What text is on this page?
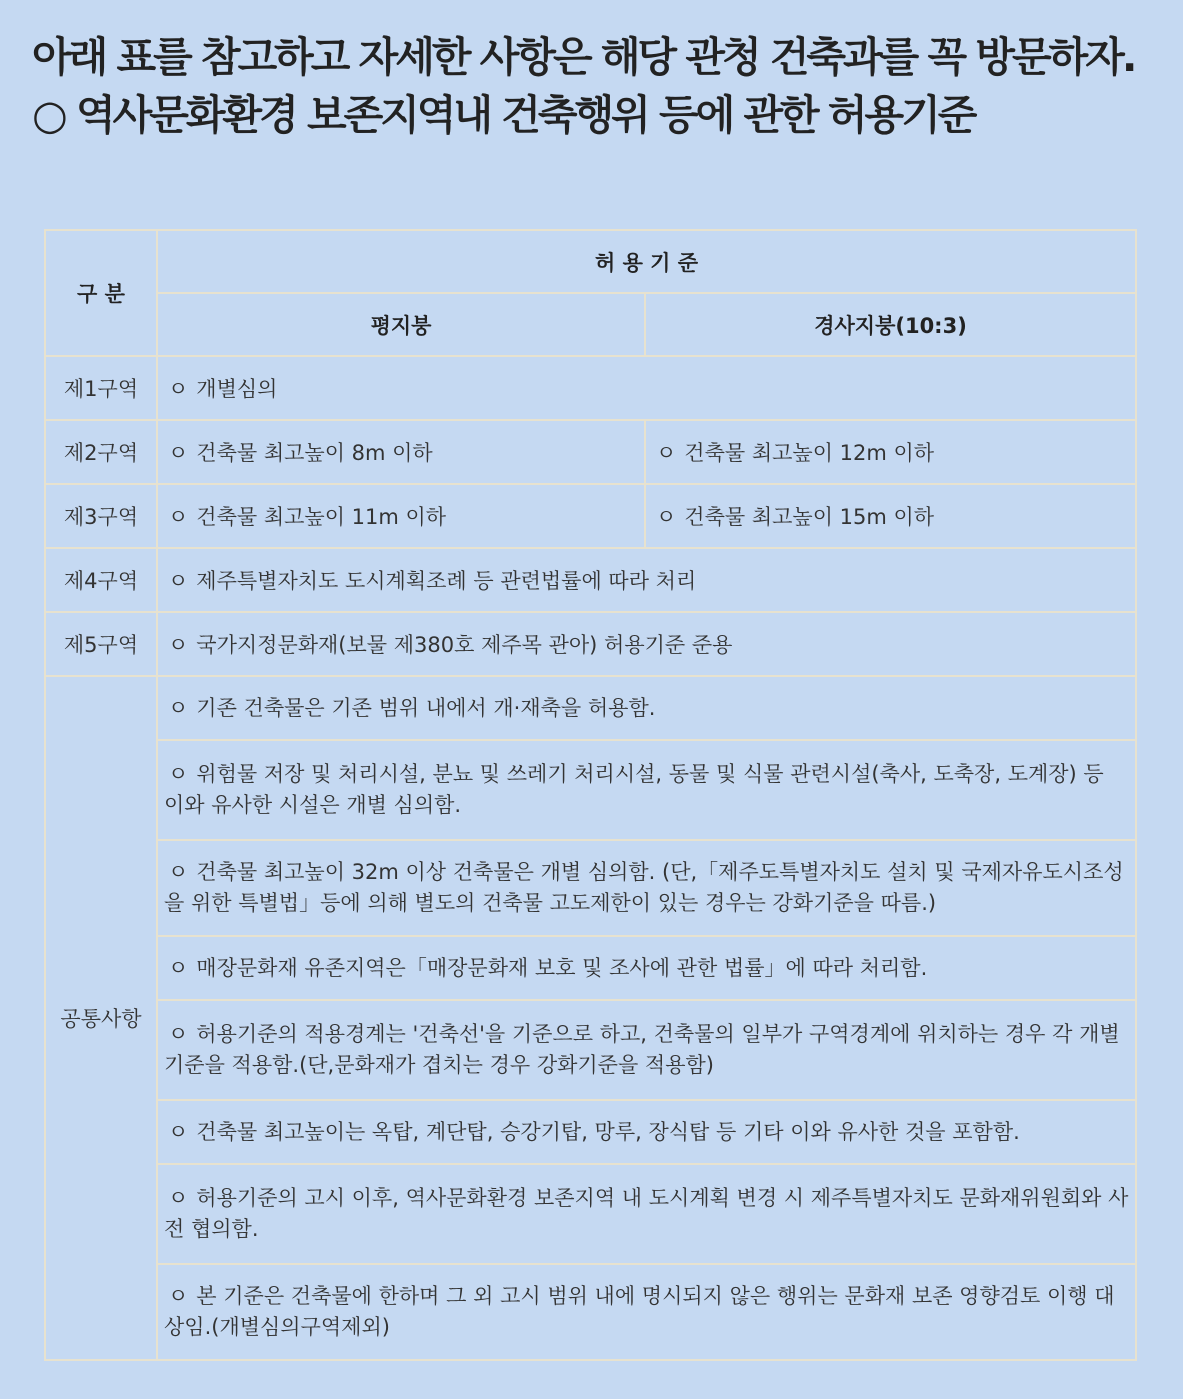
아래 표를 참고하고 자세한 사항은 해당 관청 건축과를 꼭 방문하자.
○ 역사문화환경 보존지역내 건축행위 등에 관한 허용기준
구 분	허 용 기 준	
	평지붕	경사지붕(10:3)
제1구역	ㅇ 개별심의	
제2구역	ㅇ 건축물 최고높이 8m 이하	ㅇ 건축물 최고높이 12m 이하
제3구역	ㅇ 건축물 최고높이 11m 이하	ㅇ 건축물 최고높이 15m 이하
제4구역	ㅇ 제주특별자치도 도시계획조례 등 관련법률에 따라 처리	
제5구역	ㅇ 국가지정문화재(보물 제380호 제주목 관아) 허용기준 준용	
공통사항	ㅇ 기존 건축물은 기존 범위 내에서 개·재축을 허용함.	
	ㅇ 위험물 저장 및 처리시설, 분뇨 및 쓰레기 처리시설, 동물 및 식물 관련시설(축사, 도축장, 도계장) 등 이와 유사한 시설은 개별 심의함.	
	ㅇ 건축물 최고높이 32m 이상 건축물은 개별 심의함. (단,「제주도특별자치도 설치 및 국제자유도시조성을 위한 특별법」등에 의해 별도의 건축물 고도제한이 있는 경우는 강화기준을 따름.)	
	ㅇ 매장문화재 유존지역은「매장문화재 보호 및 조사에 관한 법률」에 따라 처리함.	
	ㅇ 허용기준의 적용경계는 '건축선'을 기준으로 하고, 건축물의 일부가 구역경계에 위치하는 경우 각 개별 기준을 적용함.(단,문화재가 겹치는 경우 강화기준을 적용함)	
	ㅇ 건축물 최고높이는 옥탑, 계단탑, 승강기탑, 망루, 장식탑 등 기타 이와 유사한 것을 포함함.	
	ㅇ 허용기준의 고시 이후, 역사문화환경 보존지역 내 도시계획 변경 시 제주특별자치도 문화재위원회와 사전 협의함.	
	ㅇ 본 기준은 건축물에 한하며 그 외 고시 범위 내에 명시되지 않은 행위는 문화재 보존 영향검토 이행 대상임.(개별심의구역제외)	
